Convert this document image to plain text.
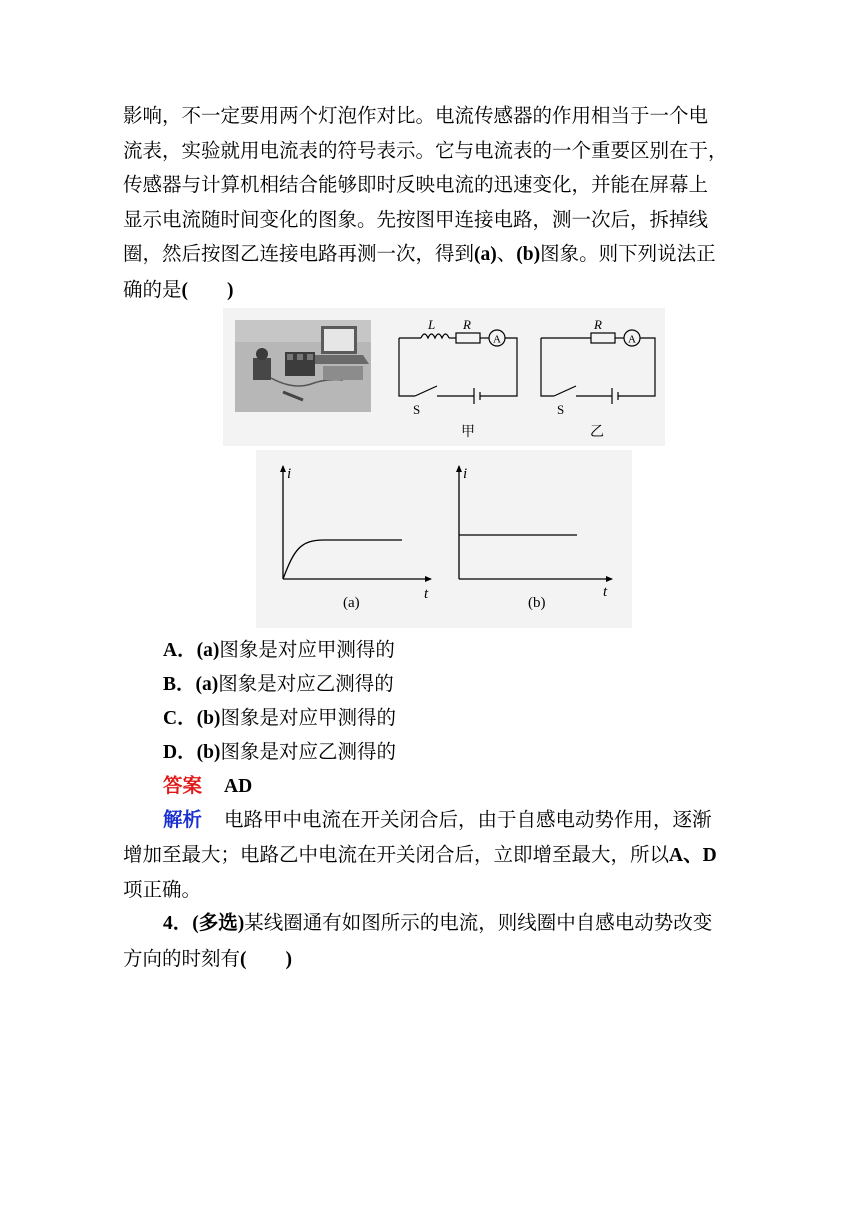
影响，不一定要用两个灯泡作对比。电流传感器的作用相当于一个电
流表，实验就用电流表的符号表示。它与电流表的一个重要区别在于，
传感器与计算机相结合能够即时反映电流的迅速变化，并能在屏幕上
显示电流随时间变化的图象。先按图甲连接电路，测一次后，拆掉线
圈，然后按图乙连接电路再测一次，得到(a)、(b)图象。则下列说法正
确的是(　　)
L R
A
S
甲
R
A
S
乙
i
t
(a)
i
t
(b)
A．(a)图象是对应甲测得的
B．(a)图象是对应乙测得的
C．(b)图象是对应甲测得的
D．(b)图象是对应乙测得的
答案 AD
解析 电路甲中电流在开关闭合后，由于自感电动势作用，逐渐
增加至最大；电路乙中电流在开关闭合后，立即增至最大，所以A、D
项正确。
4．(多选)某线圈通有如图所示的电流，则线圈中自感电动势改变
方向的时刻有(　　)
